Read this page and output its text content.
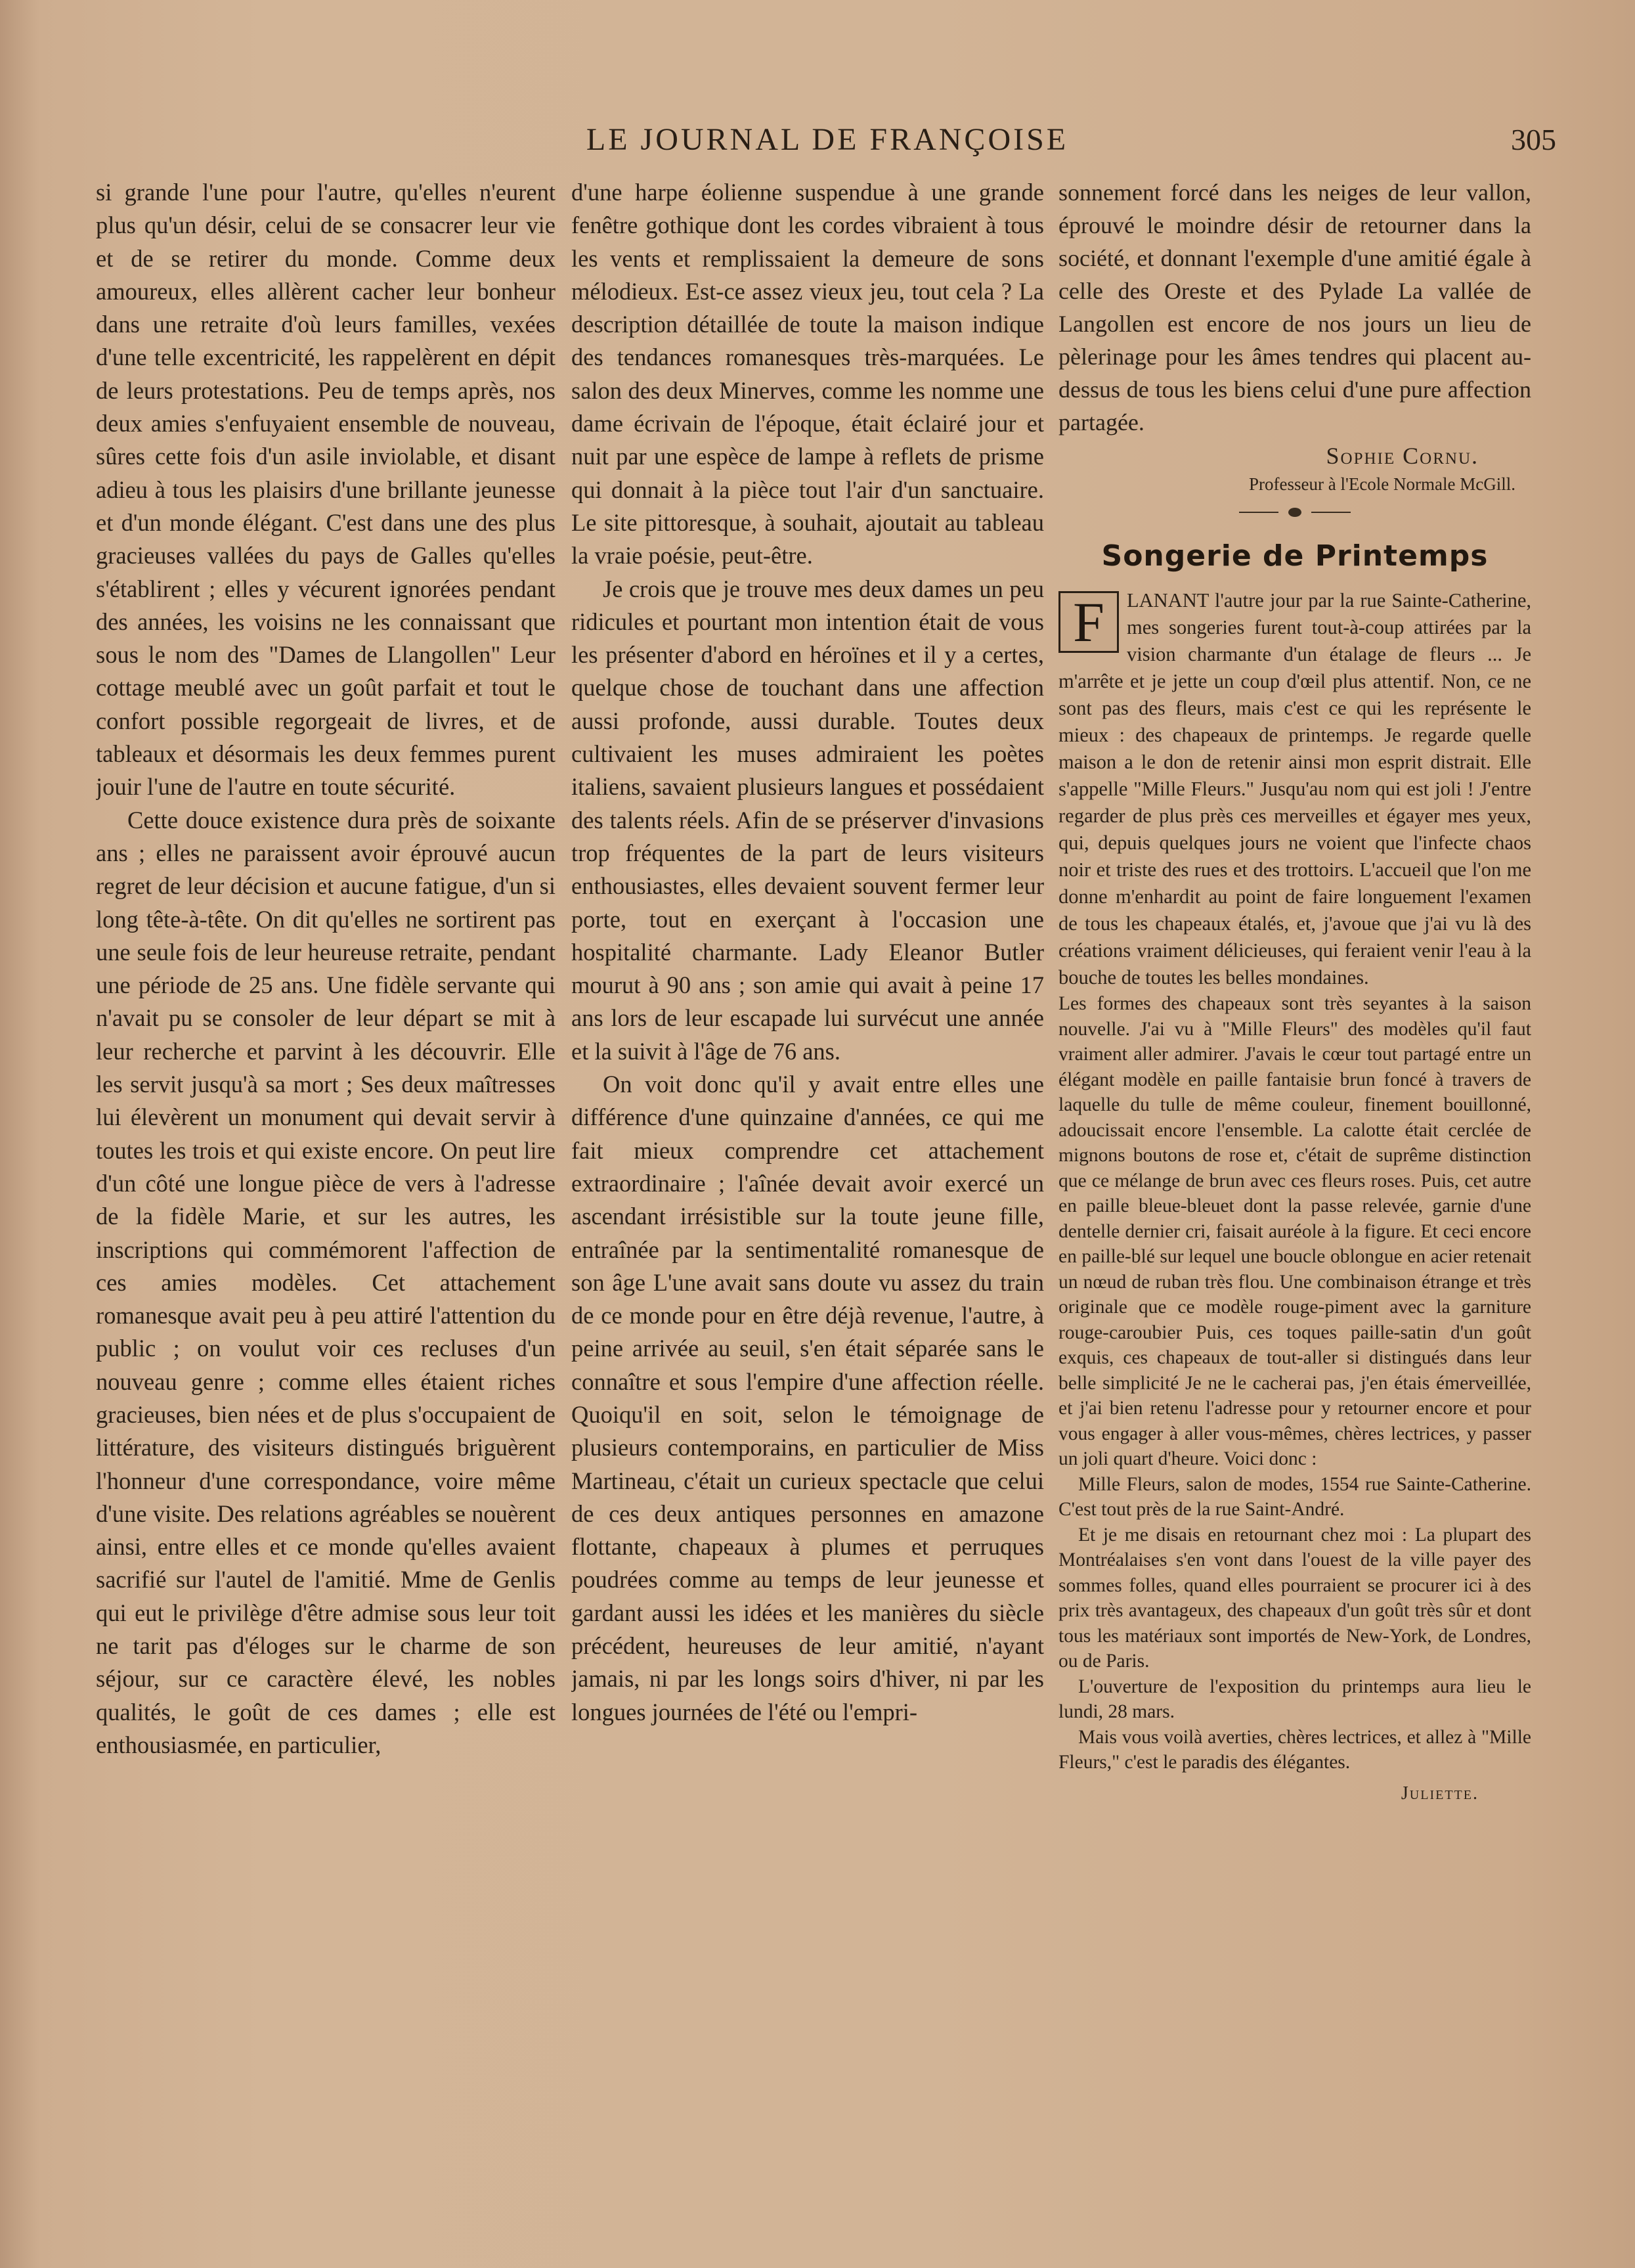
LE JOURNAL DE FRANÇOISE	305

si grande l'une pour l'autre, qu'elles n'eurent plus qu'un désir, celui de se consacrer leur vie et de se retirer du monde. Comme deux amoureux, elles allèrent cacher leur bonheur dans une retraite d'où leurs familles, vexées d'une telle excentricité, les rappelèrent en dépit de leurs protestations. Peu de temps après, nos deux amies s'enfuyaient ensemble de nouveau, sûres cette fois d'un asile inviolable, et disant adieu à tous les plaisirs d'une brillante jeunesse et d'un monde élégant. C'est dans une des plus gracieuses vallées du pays de Galles qu'elles s'établirent ; elles y vécurent ignorées pendant des années, les voisins ne les connaissant que sous le nom des "Dames de Llangollen" Leur cottage meublé avec un goût parfait et tout le confort possible regorgeait de livres, et de tableaux et désormais les deux femmes purent jouir l'une de l'autre en toute sécurité.

Cette douce existence dura près de soixante ans ; elles ne paraissent avoir éprouvé aucun regret de leur décision et aucune fatigue, d'un si long tête-à-tête. On dit qu'elles ne sortirent pas une seule fois de leur heureuse retraite, pendant une période de 25 ans. Une fidèle servante qui n'avait pu se consoler de leur départ se mit à leur recherche et parvint à les découvrir. Elle les servit jusqu'à sa mort ; Ses deux maîtresses lui élevèrent un monument qui devait servir à toutes les trois et qui existe encore. On peut lire d'un côté une longue pièce de vers à l'adresse de la fidèle Marie, et sur les autres, les inscriptions qui commémorent l'affection de ces amies modèles. Cet attachement romanesque avait peu à peu attiré l'attention du public ; on voulut voir ces recluses d'un nouveau genre ; comme elles étaient riches gracieuses, bien nées et de plus s'occupaient de littérature, des visiteurs distingués briguèrent l'honneur d'une correspondance, voire même d'une visite. Des relations agréables se nouèrent ainsi, entre elles et ce monde qu'elles avaient sacrifié sur l'autel de l'amitié. Mme de Genlis qui eut le privilège d'être admise sous leur toit ne tarit pas d'éloges sur le charme de son séjour, sur ce caractère élevé, les nobles qualités, le goût de ces dames ; elle est enthousiasmée, en particulier,

d'une harpe éolienne suspendue à une grande fenêtre gothique dont les cordes vibraient à tous les vents et remplissaient la demeure de sons mélodieux. Est-ce assez vieux jeu, tout cela ? La description détaillée de toute la maison indique des tendances romanesques très-marquées. Le salon des deux Minerves, comme les nomme une dame écrivain de l'époque, était éclairé jour et nuit par une espèce de lampe à reflets de prisme qui donnait à la pièce tout l'air d'un sanctuaire. Le site pittoresque, à souhait, ajoutait au tableau la vraie poésie, peut-être.

Je crois que je trouve mes deux dames un peu ridicules et pourtant mon intention était de vous les présenter d'abord en héroïnes et il y a certes, quelque chose de touchant dans une affection aussi profonde, aussi durable. Toutes deux cultivaient les muses admiraient les poètes italiens, savaient plusieurs langues et possédaient des talents réels. Afin de se préserver d'invasions trop fréquentes de la part de leurs visiteurs enthousiastes, elles devaient souvent fermer leur porte, tout en exerçant à l'occasion une hospitalité charmante. Lady Eleanor Butler mourut à 90 ans ; son amie qui avait à peine 17 ans lors de leur escapade lui survécut une année et la suivit à l'âge de 76 ans.

On voit donc qu'il y avait entre elles une différence d'une quinzaine d'années, ce qui me fait mieux comprendre cet attachement extraordinaire ; l'aînée devait avoir exercé un ascendant irrésistible sur la toute jeune fille, entraînée par la sentimentalité romanesque de son âge L'une avait sans doute vu assez du train de ce monde pour en être déjà revenue, l'autre, à peine arrivée au seuil, s'en était séparée sans le connaître et sous l'empire d'une affection réelle. Quoiqu'il en soit, selon le témoignage de plusieurs contemporains, en particulier de Miss Martineau, c'était un curieux spectacle que celui de ces deux antiques personnes en amazone flottante, chapeaux à plumes et perruques poudrées comme au temps de leur jeunesse et gardant aussi les idées et les manières du siècle précédent, heureuses de leur amitié, n'ayant jamais, ni par les longs soirs d'hiver, ni par les longues journées de l'été ou l'empri-

sonnement forcé dans les neiges de leur vallon, éprouvé le moindre désir de retourner dans la société, et donnant l'exemple d'une amitié égale à celle des Oreste et des Pylade La vallée de Langollen est encore de nos jours un lieu de pèlerinage pour les âmes tendres qui placent au-dessus de tous les biens celui d'une pure affection partagée.

Sophie Cornu.
Professeur à l'Ecole Normale McGill.
Songerie de Printemps

F	LANANT l'autre jour par la rue Sainte-Catherine, mes songeries furent tout-à-coup attirées par la vision charmante d'un étalage de fleurs ... Je m'arrête et je jette un coup d'œil plus attentif. Non, ce ne sont pas des fleurs, mais c'est ce qui les représente le mieux : des chapeaux de printemps. Je regarde quelle maison a le don de retenir ainsi mon esprit distrait. Elle s'appelle "Mille Fleurs." Jusqu'au nom qui est joli ! J'entre regarder de plus près ces merveilles et égayer mes yeux, qui, depuis quelques jours ne voient que l'infecte chaos noir et triste des rues et des trottoirs. L'accueil que l'on me donne m'enhardit au point de faire longuement l'examen de tous les chapeaux étalés, et, j'avoue que j'ai vu là des créations vraiment délicieuses, qui feraient venir l'eau à la bouche de toutes les belles mondaines.

Les formes des chapeaux sont très seyantes à la saison nouvelle. J'ai vu à "Mille Fleurs" des modèles qu'il faut vraiment aller admirer. J'avais le cœur tout partagé entre un élégant modèle en paille fantaisie brun foncé à travers de laquelle du tulle de même couleur, finement bouillonné, adoucissait encore l'ensemble. La calotte était cerclée de mignons boutons de rose et, c'était de suprême distinction que ce mélange de brun avec ces fleurs roses. Puis, cet autre en paille bleue-bleuet dont la passe relevée, garnie d'une dentelle dernier cri, faisait auréole à la figure. Et ceci encore en paille-blé sur lequel une boucle oblongue en acier retenait un nœud de ruban très flou. Une combinaison étrange et très originale que ce modèle rouge-piment avec la garniture rouge-caroubier Puis, ces toques paille-satin d'un goût exquis, ces chapeaux de tout-aller si distingués dans leur belle simplicité Je ne le cacherai pas, j'en étais émerveillée, et j'ai bien retenu l'adresse pour y retourner encore et pour vous engager à aller vous-mêmes, chères lectrices, y passer un joli quart d'heure. Voici donc :

Mille Fleurs, salon de modes, 1554 rue Sainte-Catherine. C'est tout près de la rue Saint-André.

Et je me disais en retournant chez moi : La plupart des Montréalaises s'en vont dans l'ouest de la ville payer des sommes folles, quand elles pourraient se procurer ici à des prix très avantageux, des chapeaux d'un goût très sûr et dont tous les matériaux sont importés de New-York, de Londres, ou de Paris.

L'ouverture de l'exposition du printemps aura lieu le lundi, 28 mars.

Mais vous voilà averties, chères lectrices, et allez à "Mille Fleurs," c'est le paradis des élégantes.

Juliette.
